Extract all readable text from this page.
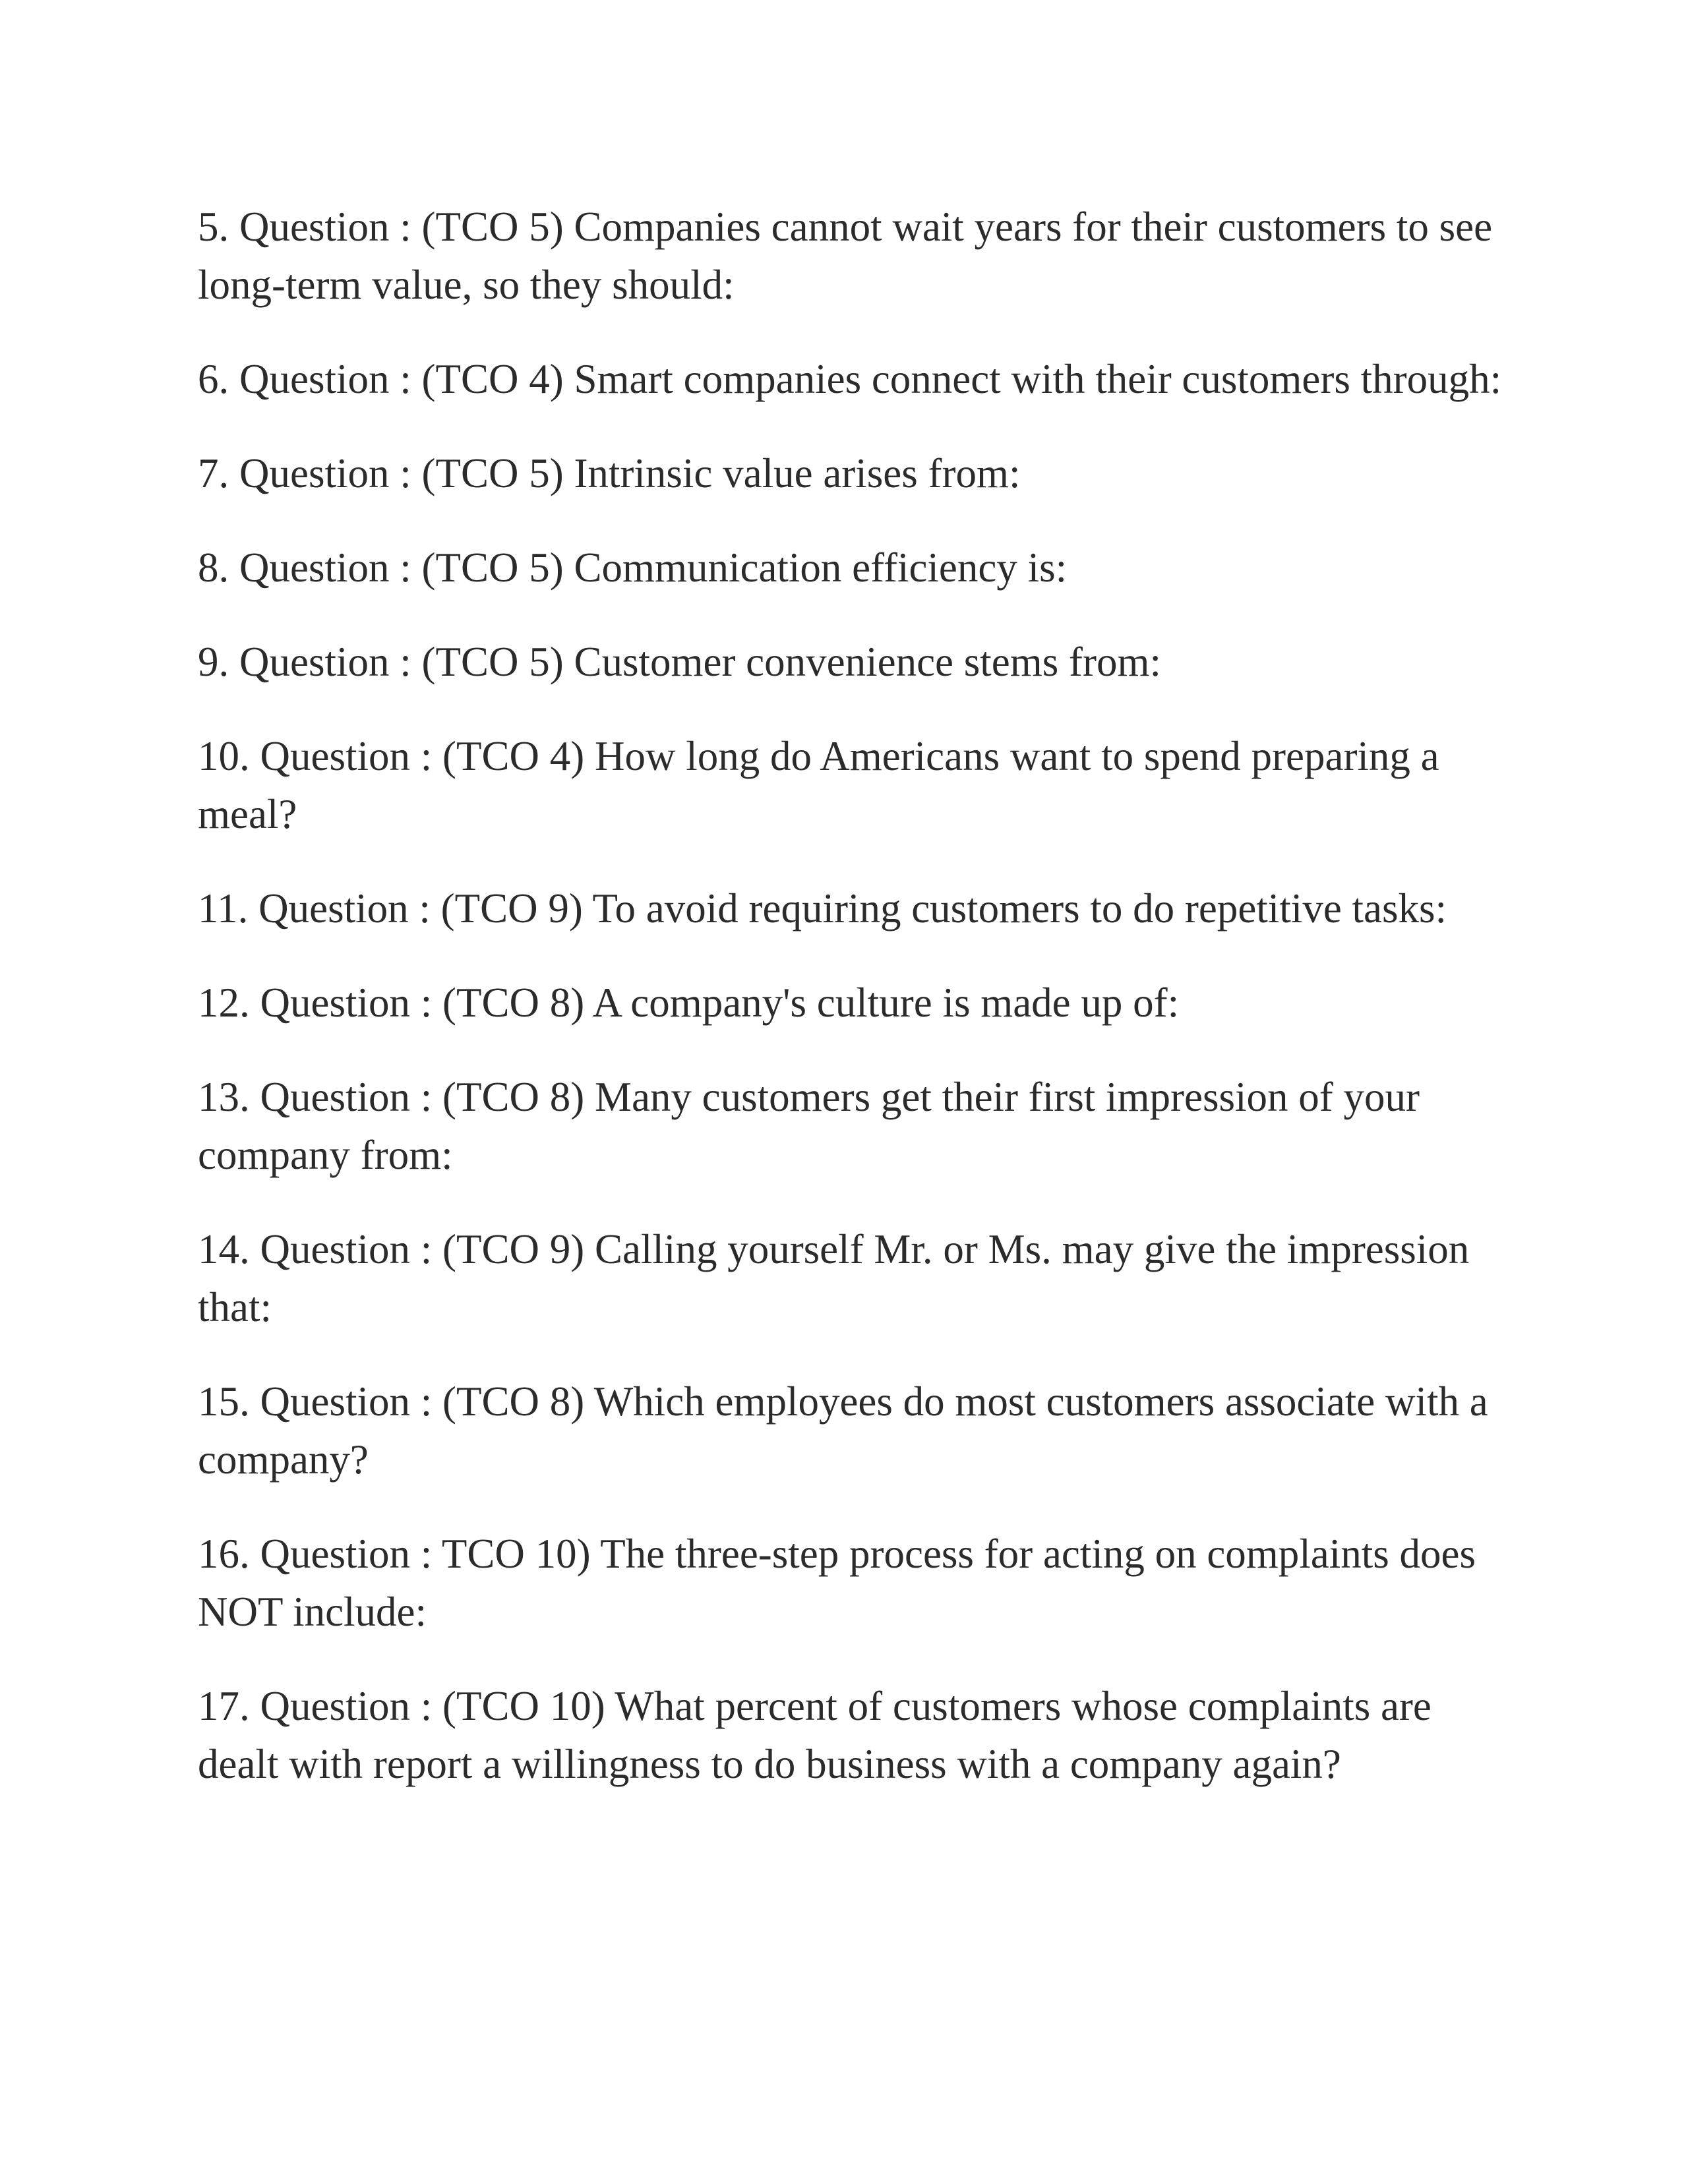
5. Question : (TCO 5) Companies cannot wait years for their customers to see long-term value, so they should:

6. Question : (TCO 4) Smart companies connect with their customers through:

7. Question : (TCO 5) Intrinsic value arises from:

8. Question : (TCO 5) Communication efficiency is:

9. Question : (TCO 5) Customer convenience stems from:

10. Question : (TCO 4) How long do Americans want to spend preparing a meal?

11. Question : (TCO 9) To avoid requiring customers to do repetitive tasks:

12. Question : (TCO 8) A company's culture is made up of:

13. Question : (TCO 8) Many customers get their first impression of your company from:

14. Question : (TCO 9) Calling yourself Mr. or Ms. may give the impression that:

15. Question : (TCO 8) Which employees do most customers associate with a company?

16. Question : TCO 10) The three-step process for acting on complaints does NOT include:

17. Question : (TCO 10) What percent of customers whose complaints are dealt with report a willingness to do business with a company again?
